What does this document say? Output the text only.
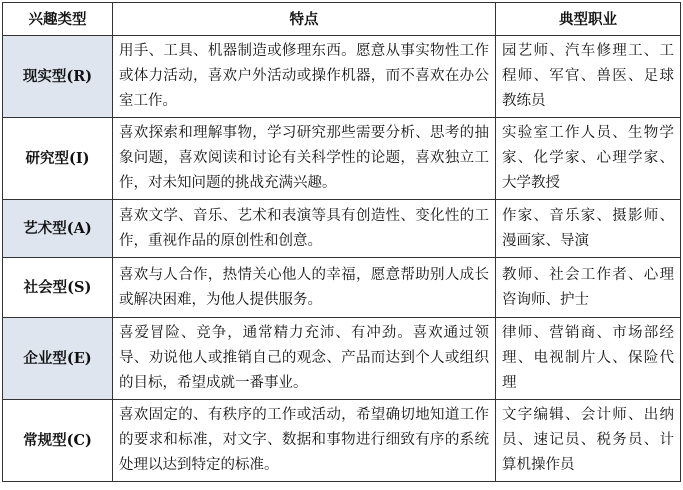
兴趣类型	特点	典型职业
现实型(R)	用手、工具、机器制造或修理东西。愿意从事实物性工作或体力活动，喜欢户外活动或操作机器，而不喜欢在办公室工作。	园艺师、汽车修理工、工程师、军官、兽医、足球教练员
研究型(I)	喜欢探索和理解事物，学习研究那些需要分析、思考的抽象问题，喜欢阅读和讨论有关科学性的论题，喜欢独立工作，对未知问题的挑战充满兴趣。	实验室工作人员、生物学家、化学家、心理学家、大学教授
艺术型(A)	喜欢文学、音乐、艺术和表演等具有创造性、变化性的工作，重视作品的原创性和创意。	作家、音乐家、摄影师、漫画家、导演
社会型(S)	喜欢与人合作，热情关心他人的幸福，愿意帮助别人成长或解决困难，为他人提供服务。	教师、社会工作者、心理咨询师、护士
企业型(E)	喜爱冒险、竞争，通常精力充沛、有冲劲。喜欢通过领导、劝说他人或推销自己的观念、产品而达到个人或组织的目标，希望成就一番事业。	律师、营销商、市场部经理、电视制片人、保险代理
常规型(C)	喜欢固定的、有秩序的工作或活动，希望确切地知道工作的要求和标准，对文字、数据和事物进行细致有序的系统处理以达到特定的标准。	文字编辑、会计师、出纳员、速记员、税务员、计算机操作员
